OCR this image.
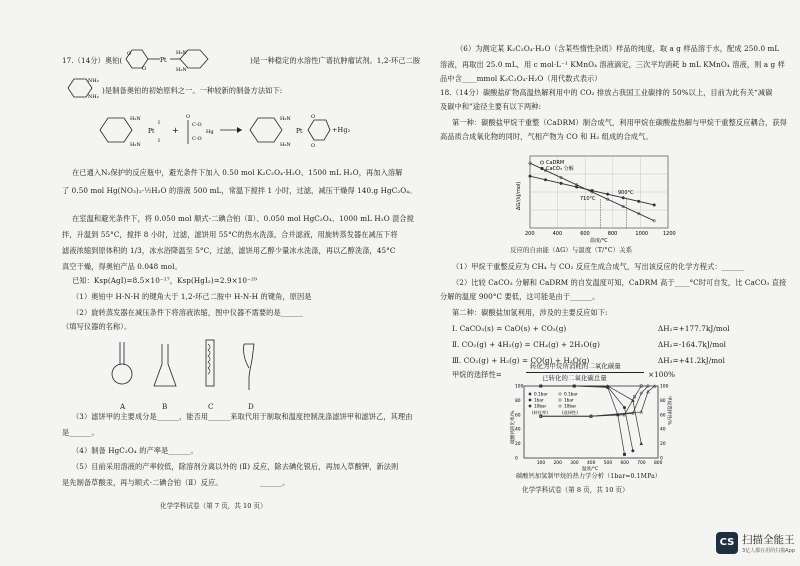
17.（14分）奥铂(
O
O
Pt
H₂N
H₂N
)是一种稳定的水溶性广谱抗肿瘤试剂。1,2-环己二胺
NH₂
NH₂
)是制备奥铂的初始原料之一。一种较新的制备方法如下:
H₂N
H₂N
Pt
I
I
+
O
C-O
C-O
Hg
H₂N
H₂N
Pt
O
O
+Hg₂
在已通入N₂保护的反应瓶中，避光条件下加入 0.50 mol K₂C₂O₄·H₂O、1500 mL H₂O，再加入溶解
了 0.50 mol Hg(NO₃)₂·½H₂O 的溶液 500 mL，常温下搅拌 1 小时，过滤，减压干燥得 140.g HgC₂O₄。
在室温和避光条件下，将 0.050 mol 顺式-二碘合铂（Ⅱ）、0.050 mol HgC₂O₄、1000 mL H₂O 混合搅
拌，升温到 55°C，搅拌 8 小时，过滤，滤饼用 55°C的热水洗涤，合并滤液，用旋转蒸发器在减压下将
滤液浓缩到原体积的 1/3，冰水浴降温至 5°C，过滤，滤饼用乙醇少量冰水洗涤，再以乙醇洗涤，45°C
真空干燥，得奥铂产品 0.048 mol。
已知：Ksp(AgI)=8.5×10⁻¹⁷，Ksp(HgI₂)=2.9×10⁻²⁹
（1）奥铂中 H-N-H 的键角大于 1,2-环己二胺中 H-N-H 的键角，原因是
（2）旋转蒸发器在减压条件下将溶液浓缩，图中仪器不需要的是______
（填写仪器的名称）。
A	B	C	D
（3）滤饼甲的主要成分是______，能否用______来取代用于制取和温度控制洗涤滤饼甲和滤饼乙，其理由
是______。
（4）制备 HgC₂O₄ 的产率是______。
（5）目前采用溶液的产率较低，除溶剂分离以外的 (Ⅱ) 反应，除去碘化银后，再加入草酸钾，新法则
是先制备草酸汞，再与顺式-二碘合铂（Ⅱ）反应。	______。
化学学科试卷（第 7 页，共 10 页）
（6）为测定某 K₂C₂O₄·H₂O（含某些惰性杂质）样品的纯度，取 a g 样品溶于水，配成 250.0 mL
溶液，再取出 25.0 mL，用 c mol·L⁻¹ KMnO₄ 溶液滴定，三次平均消耗 b mL KMnO₄ 溶液，则 a g 样
品中含____mmol K₂C₂O₄·H₂O（用代数式表示）
18.（14分）碳酸盐矿物高温热解利用中的 CO₂ 排放占我国工业碳排的 50%以上，目前为此有关“减碳
及碳中和”途径主要有以下两种:
第一种：碳酸盐甲烷干重整（CaDRM）制合成气，利用甲烷在碳酸盐热解与甲烷干重整反应耦合，获得
高品质合成氧化物的同时，气相产物为 CO 和 H₂ 组成的合成气。
200	400	600	800	1000	1200
ΔG/(kJ/mol)
温度/°C
900°C
710°C
CaDRM
CaCO₃ 分解
反应的自由能（ΔG）与温度（T/°C）关系
（1）甲烷干重整反应为 CH₄ 与 CO₂ 反应生成合成气，写出该反应的化学方程式：______
（2）比较 CaCO₃ 分解和 CaDRM 的自发温度可知，CaDRM 高于____°C时可自发，比 CaCO₃ 直接
分解的温度 900°C 要低，这可能是由于______。
第二种：碳酸盐加氢利用，涉及的主要反应如下:
Ⅰ. CaCO₃(s) = CaO(s) + CO₂(g)	ΔH₁=+177.7kJ/mol
Ⅱ. CO₂(g) + 4H₂(g) = CH₄(g) + 2H₂O(g)	ΔH₂=-164.7kJ/mol
Ⅲ. CO₂(g) + H₂(g) = CO(g) + H₂O(g)	ΔH₃=+41.2kJ/mol
甲烷的选择性=
转化为甲烷所消耗的二氧化碳量
已转化的二氧化碳总量	×100%
100 200 300 400 500 600 700 800
0	0
20	20
40	40
60	60
80	80
100	100
0.1bar
1bar
10bar
0.1bar
1bar
10bar
(转化率)	(选择性)
碳酸钙转化率/%
甲烷选择性/%
温度/°C
碳酸钙加氢制甲烷的热力学分析（1bar=0.1MPa）
化学学科试卷（第 8 页，共 10 页）
CS 扫描全能王
3亿人都在用的扫描App
